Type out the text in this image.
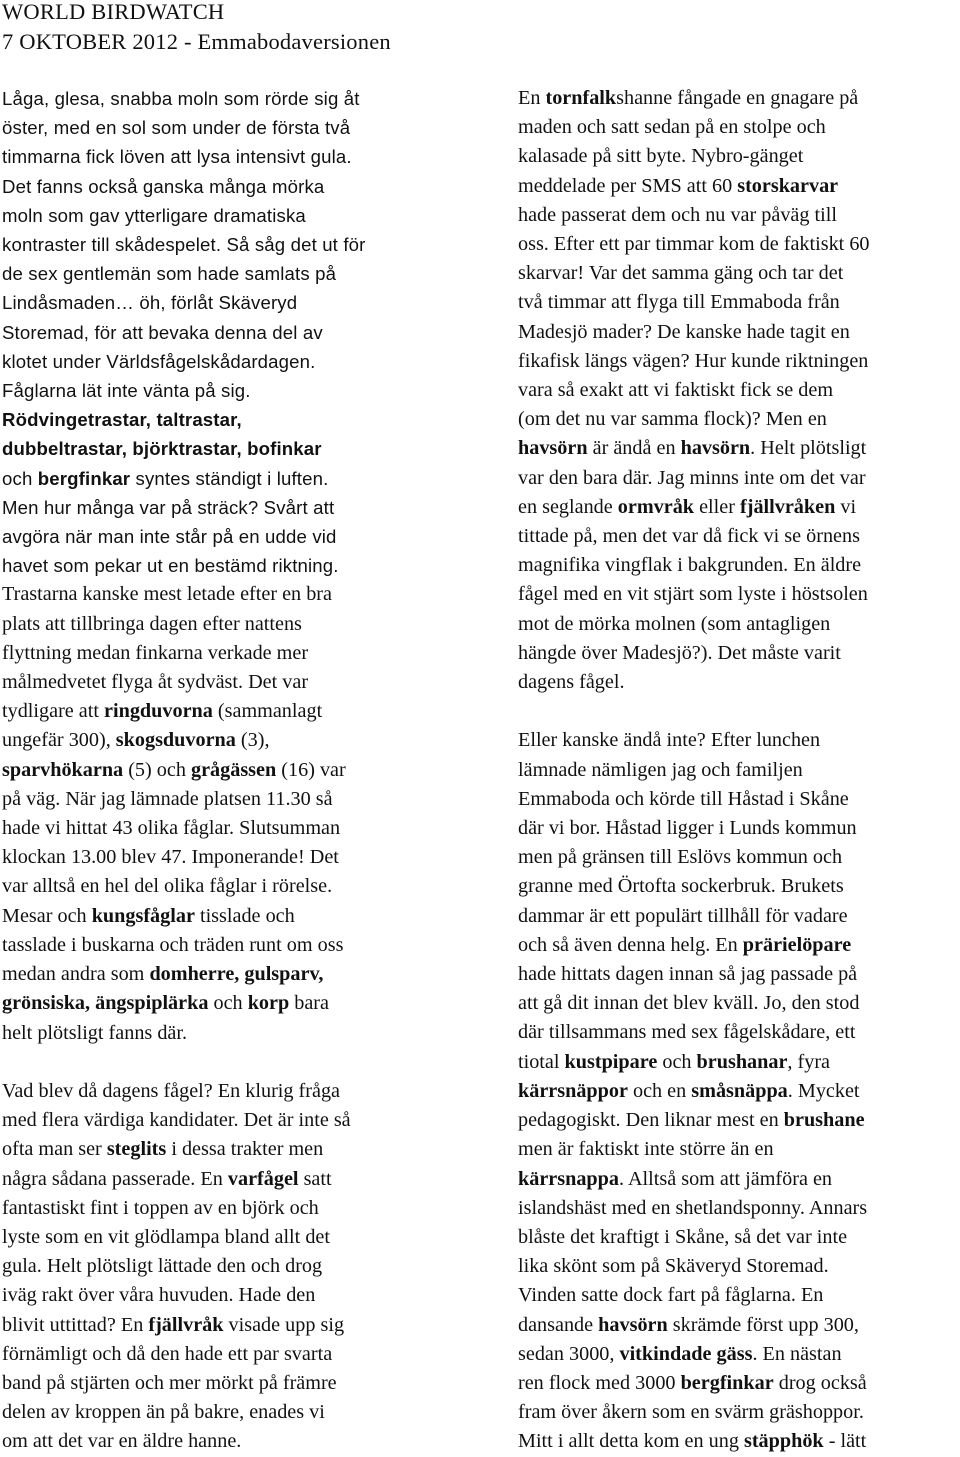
WORLD BIRDWATCH
7 OKTOBER 2012 - Emmabodaversionen
Låga, glesa, snabba moln som rörde sig åt
öster, med en sol som under de första två
timmarna fick löven att lysa intensivt gula.
Det fanns också ganska många mörka
moln som gav ytterligare dramatiska
kontraster till skådespelet. Så såg det ut för
de sex gentlemän som hade samlats på
Lindåsmaden… öh, förlåt Skäveryd
Storemad, för att bevaka denna del av
klotet under Världsfågelskådardagen.
Fåglarna lät inte vänta på sig.
Rödvingetrastar, taltrastar,
dubbeltrastar, björktrastar, bofinkar
och bergfinkar syntes ständigt i luften.
Men hur många var på sträck? Svårt att
avgöra när man inte står på en udde vid
havet som pekar ut en bestämd riktning.
Trastarna kanske mest letade efter en bra
plats att tillbringa dagen efter nattens
flyttning medan finkarna verkade mer
målmedvetet flyga åt sydväst. Det var
tydligare att ringduvorna (sammanlagt
ungefär 300), skogsduvorna (3),
sparvhökarna (5) och grågässen (16) var
på väg. När jag lämnade platsen 11.30 så
hade vi hittat 43 olika fåglar. Slutsumman
klockan 13.00 blev 47. Imponerande! Det
var alltså en hel del olika fåglar i rörelse.
Mesar och kungsfåglar tisslade och
tasslade i buskarna och träden runt om oss
medan andra som domherre, gulsparv,
grönsiska, ängspiplärka och korp bara
helt plötsligt fanns där.
Vad blev då dagens fågel? En klurig fråga
med flera värdiga kandidater. Det är inte så
ofta man ser steglits i dessa trakter men
några sådana passerade. En varfågel satt
fantastiskt fint i toppen av en björk och
lyste som en vit glödlampa bland allt det
gula. Helt plötsligt lättade den och drog
iväg rakt över våra huvuden. Hade den
blivit uttittad? En fjällvråk visade upp sig
förnämligt och då den hade ett par svarta
band på stjärten och mer mörkt på främre
delen av kroppen än på bakre, enades vi
om att det var en äldre hanne.
En tornfalkshanne fångade en gnagare på
maden och satt sedan på en stolpe och
kalasade på sitt byte. Nybro-gänget
meddelade per SMS att 60 storskarvar
hade passerat dem och nu var påväg till
oss. Efter ett par timmar kom de faktiskt 60
skarvar! Var det samma gäng och tar det
två timmar att flyga till Emmaboda från
Madesjö mader? De kanske hade tagit en
fikafisk längs vägen? Hur kunde riktningen
vara så exakt att vi faktiskt fick se dem
(om det nu var samma flock)? Men en
havsörn är ändå en havsörn. Helt plötsligt
var den bara där. Jag minns inte om det var
en seglande ormvråk eller fjällvråken vi
tittade på, men det var då fick vi se örnens
magnifika vingflak i bakgrunden. En äldre
fågel med en vit stjärt som lyste i höstsolen
mot de mörka molnen (som antagligen
hängde över Madesjö?). Det måste varit
dagens fågel.
Eller kanske ändå inte? Efter lunchen
lämnade nämligen jag och familjen
Emmaboda och körde till Håstad i Skåne
där vi bor. Håstad ligger i Lunds kommun
men på gränsen till Eslövs kommun och
granne med Örtofta sockerbruk. Brukets
dammar är ett populärt tillhåll för vadare
och så även denna helg. En prärielöpare
hade hittats dagen innan så jag passade på
att gå dit innan det blev kväll. Jo, den stod
där tillsammans med sex fågelskådare, ett
tiotal kustpipare och brushanar, fyra
kärrsnäppor och en småsnäppa. Mycket
pedagogiskt. Den liknar mest en brushane
men är faktiskt inte större än en
kärrsnappa. Alltså som att jämföra en
islandshäst med en shetlandsponny. Annars
blåste det kraftigt i Skåne, så det var inte
lika skönt som på Skäveryd Storemad.
Vinden satte dock fart på fåglarna. En
dansande havsörn skrämde först upp 300,
sedan 3000, vitkindade gäss. En nästan
ren flock med 3000 bergfinkar drog också
fram över åkern som en svärm gräshoppor.
Mitt i allt detta kom en ung stäpphök - lätt
